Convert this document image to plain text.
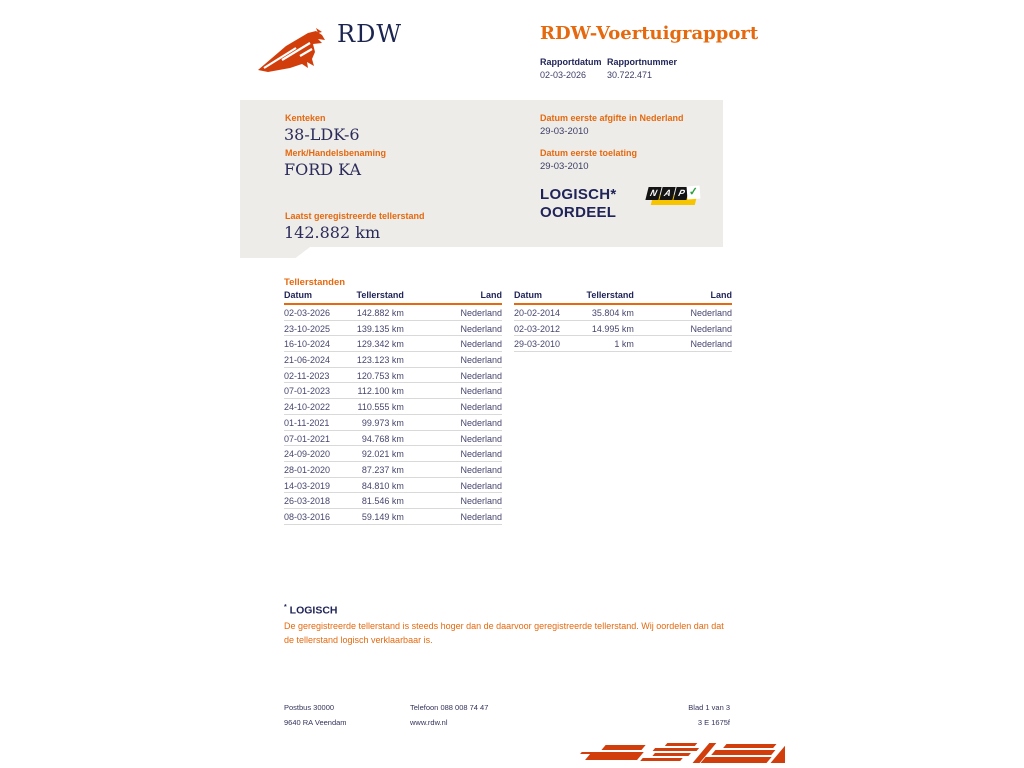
RDW	RDW-Voertuigrapport
Rapportdatum
02-03-2026
Rapportnummer
30.722.471
Kenteken
38-LDK-6
Merk/Handelsbenaming
FORD KA
Laatst geregistreerde tellerstand
142.882 km
Datum eerste afgifte in Nederland
29-03-2010
Datum eerste toelating
29-03-2010
LOGISCH*
OORDEEL
N A P ✓
Tellerstanden
Datum	Tellerstand	Land
02-03-2026	142.882 km	Nederland
23-10-2025	139.135 km	Nederland
16-10-2024	129.342 km	Nederland
21-06-2024	123.123 km	Nederland
02-11-2023	120.753 km	Nederland
07-01-2023	112.100 km	Nederland
24-10-2022	110.555 km	Nederland
01-11-2021	99.973 km	Nederland
07-01-2021	94.768 km	Nederland
24-09-2020	92.021 km	Nederland
28-01-2020	87.237 km	Nederland
14-03-2019	84.810 km	Nederland
26-03-2018	81.546 km	Nederland
08-03-2016	59.149 km	Nederland
Datum	Tellerstand	Land
20-02-2014	35.804 km	Nederland
02-03-2012	14.995 km	Nederland
29-03-2010	1 km	Nederland
* LOGISCH
De geregistreerde tellerstand is steeds hoger dan de daarvoor geregistreerde tellerstand. Wij oordelen dan dat de tellerstand logisch verklaarbaar is.
Postbus 30000
9640 RA Veendam
Telefoon 088 008 74 47
www.rdw.nl
Blad 1 van 3
3 E 1675f
